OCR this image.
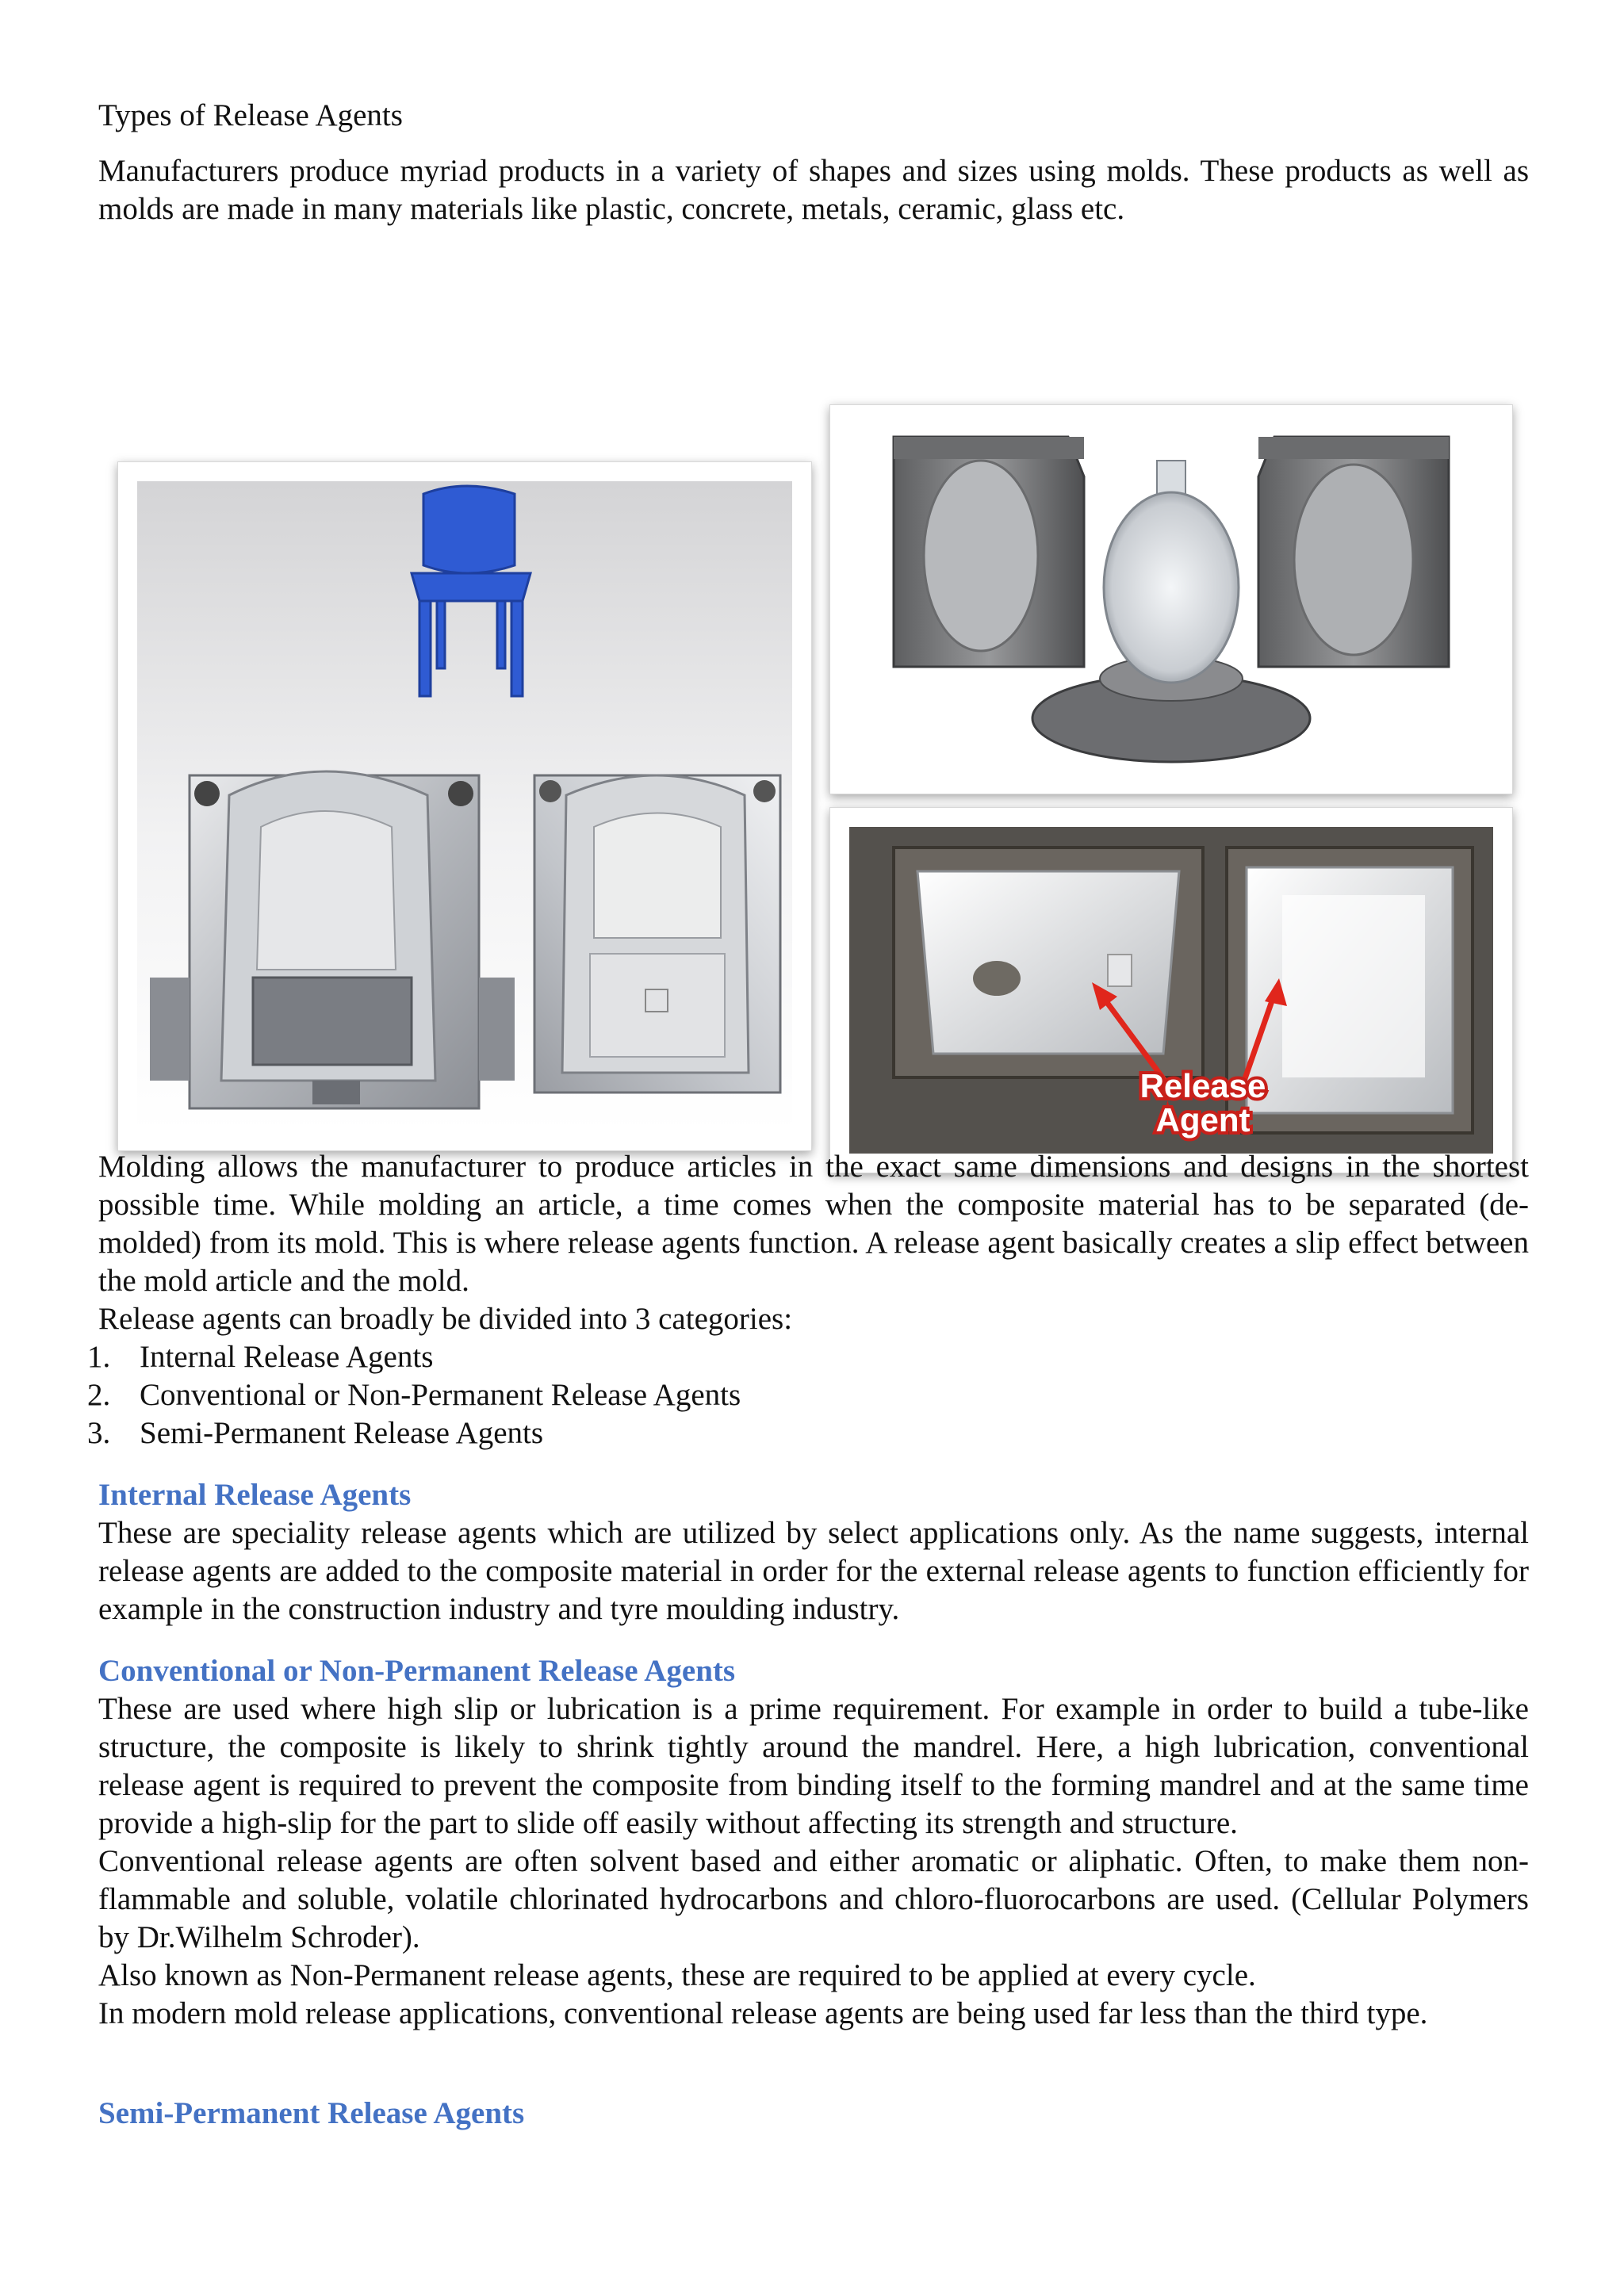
Types of Release Agents

Manufacturers produce myriad products in a variety of shapes and sizes using molds. These products as well as molds are made in many materials like plastic, concrete, metals, ceramic, glass etc.

Release
Agent

Molding allows the manufacturer to produce articles in the exact same dimensions and designs in the shortest possible time. While molding an article, a time comes when the composite material has to be separated (de-molded) from its mold. This is where release agents function. A release agent basically creates a slip effect between the mold article and the mold.

Release agents can broadly be divided into 3 categories:

1. Internal Release Agents
2. Conventional or Non-Permanent Release Agents
3. Semi-Permanent Release Agents
Internal Release Agents

These are speciality release agents which are utilized by select applications only. As the name suggests, internal release agents are added to the composite material in order for the external release agents to function efficiently for example in the construction industry and tyre moulding industry.

Conventional or Non-Permanent Release Agents

These are used where high slip or lubrication is a prime requirement. For example in order to build a tube-like structure, the composite is likely to shrink tightly around the mandrel. Here, a high lubrication, conventional release agent is required to prevent the composite from binding itself to the forming mandrel and at the same time provide a high-slip for the part to slide off easily without affecting its strength and structure.

Conventional release agents are often solvent based and either aromatic or aliphatic. Often, to make them non-flammable and soluble, volatile chlorinated hydrocarbons and chloro-fluorocarbons are used. (Cellular Polymers by Dr.Wilhelm Schroder).

Also known as Non-Permanent release agents, these are required to be applied at every cycle.

In modern mold release applications, conventional release agents are being used far less than the third type.

Semi-Permanent Release Agents
